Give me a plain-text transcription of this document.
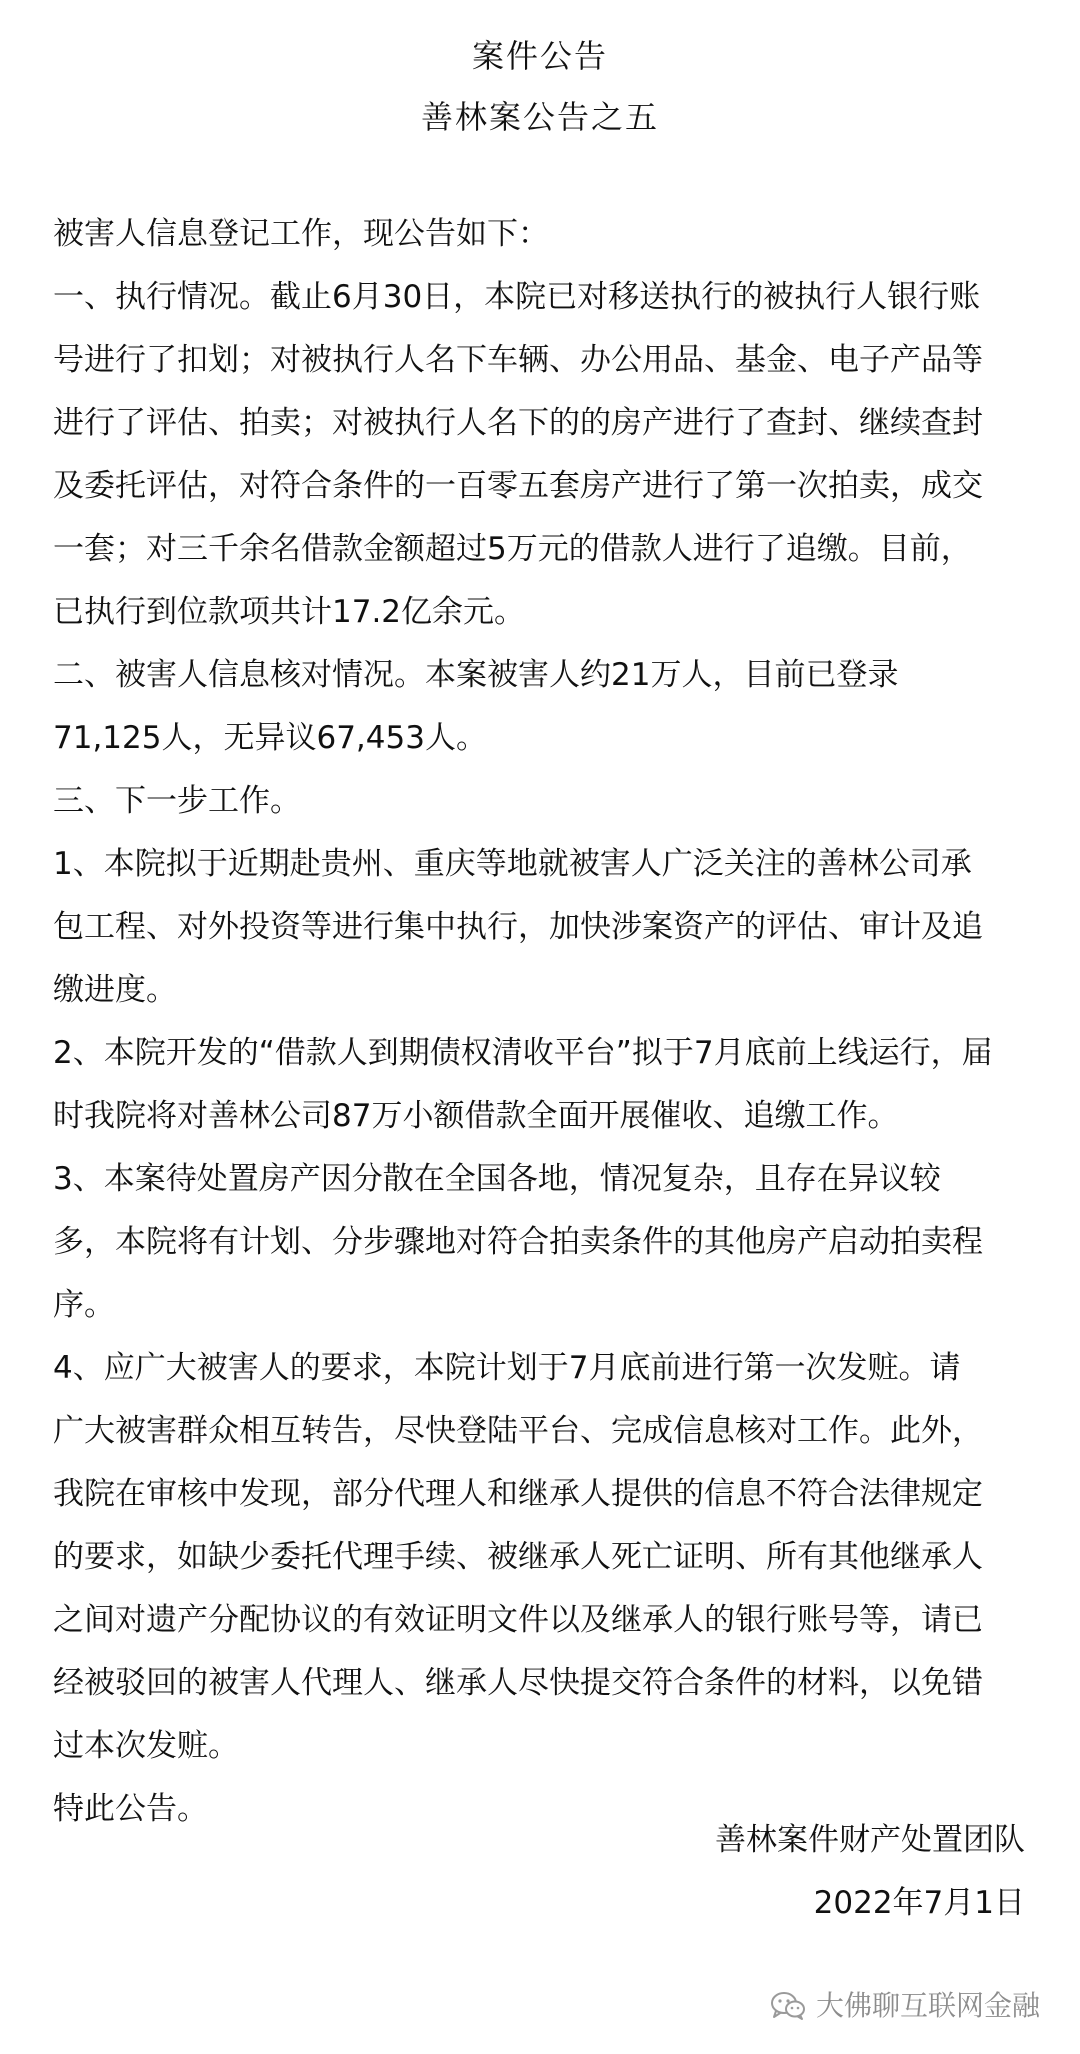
案件公告
善林案公告之五
被害人信息登记工作，现公告如下：
一、执行情况。截止6月30日，本院已对移送执行的被执行人银行账
号进行了扣划；对被执行人名下车辆、办公用品、基金、电子产品等
进行了评估、拍卖；对被执行人名下的的房产进行了查封、继续查封
及委托评估，对符合条件的一百零五套房产进行了第一次拍卖，成交
一套；对三千余名借款金额超过5万元的借款人进行了追缴。目前，
已执行到位款项共计17.2亿余元。
二、被害人信息核对情况。本案被害人约21万人，目前已登录
71,125人，无异议67,453人。
三、下一步工作。
1、本院拟于近期赴贵州、重庆等地就被害人广泛关注的善林公司承
包工程、对外投资等进行集中执行，加快涉案资产的评估、审计及追
缴进度。
2、本院开发的“借款人到期债权清收平台”拟于7月底前上线运行，届
时我院将对善林公司87万小额借款全面开展催收、追缴工作。
3、本案待处置房产因分散在全国各地，情况复杂，且存在异议较
多，本院将有计划、分步骤地对符合拍卖条件的其他房产启动拍卖程
序。
4、应广大被害人的要求，本院计划于7月底前进行第一次发赃。请
广大被害群众相互转告，尽快登陆平台、完成信息核对工作。此外，
我院在审核中发现，部分代理人和继承人提供的信息不符合法律规定
的要求，如缺少委托代理手续、被继承人死亡证明、所有其他继承人
之间对遗产分配协议的有效证明文件以及继承人的银行账号等，请已
经被驳回的被害人代理人、继承人尽快提交符合条件的材料，以免错
过本次发赃。
特此公告。
善林案件财产处置团队
2022年7月1日
大佛聊互联网金融
